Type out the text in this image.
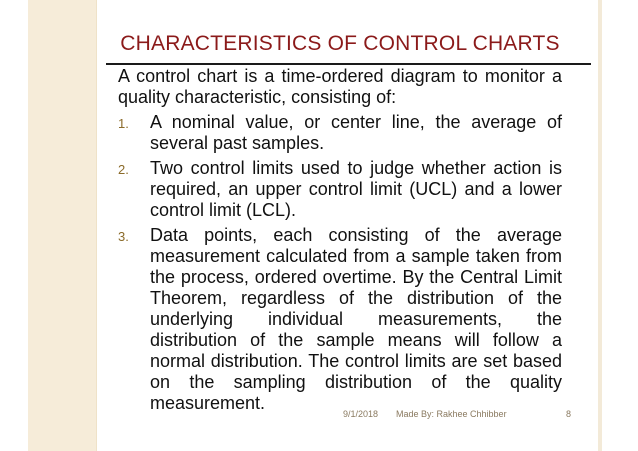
CHARACTERISTICS OF CONTROL CHARTS

A control chart is a time-ordered diagram to monitor a quality characteristic, consisting of:

1. A nominal value, or center line, the average of several past samples.
2. Two control limits used to judge whether action is required, an upper control limit (UCL) and a lower control limit (LCL).
3. Data points, each consisting of the average measurement calculated from a sample taken from the process, ordered overtime. By the Central Limit Theorem, regardless of the distribution of the underlying individual measurements, the distribution of the sample means will follow a normal distribution. The control limits are set based on the sampling distribution of the quality measurement.
9/1/2018 Made By: Rakhee Chhibber	8
